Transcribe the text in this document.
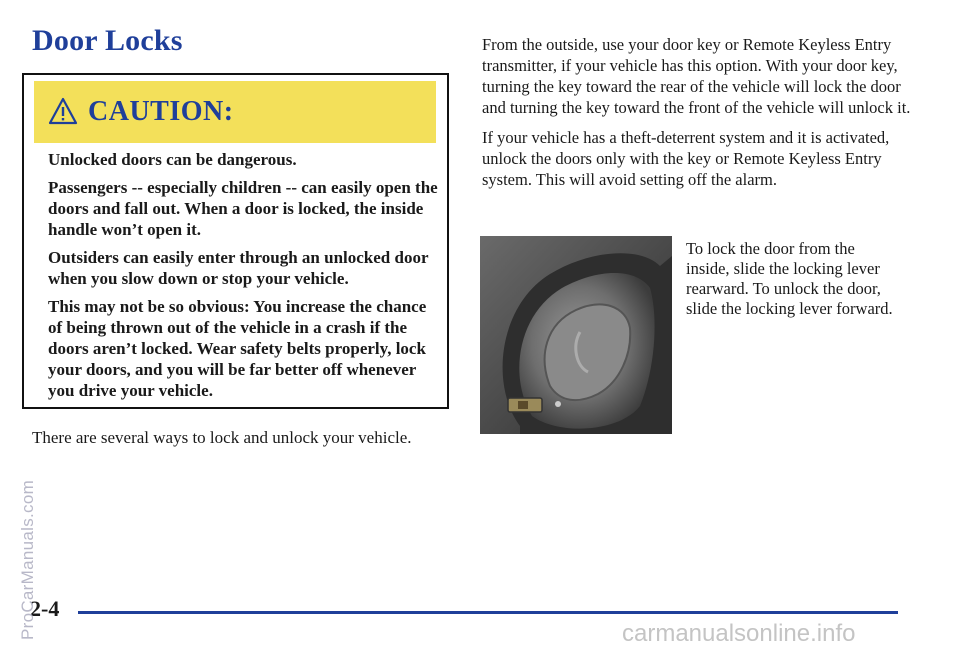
Door Locks
CAUTION:

Unlocked doors can be dangerous.

Passengers -- especially children -- can easily open the doors and fall out. When a door is locked, the inside handle won’t open it.

Outsiders can easily enter through an unlocked door when you slow down or stop your vehicle.

This may not be so obvious: You increase the chance of being thrown out of the vehicle in a crash if the doors aren’t locked. Wear safety belts properly, lock your doors, and you will be far better off whenever you drive your vehicle.

There are several ways to lock and unlock your vehicle.

From the outside, use your door key or Remote Keyless Entry transmitter, if your vehicle has this option. With your door key, turning the key toward the rear of the vehicle will lock the door and turning the key toward the front of the vehicle will unlock it.

If your vehicle has a theft-deterrent system and it is activated, unlock the doors only with the key or Remote Keyless Entry system. This will avoid setting off the alarm.

To lock the door from the inside, slide the locking lever rearward. To unlock the door, slide the locking lever forward.

2-4
ProCarManuals.com	carmanualsonline.info
